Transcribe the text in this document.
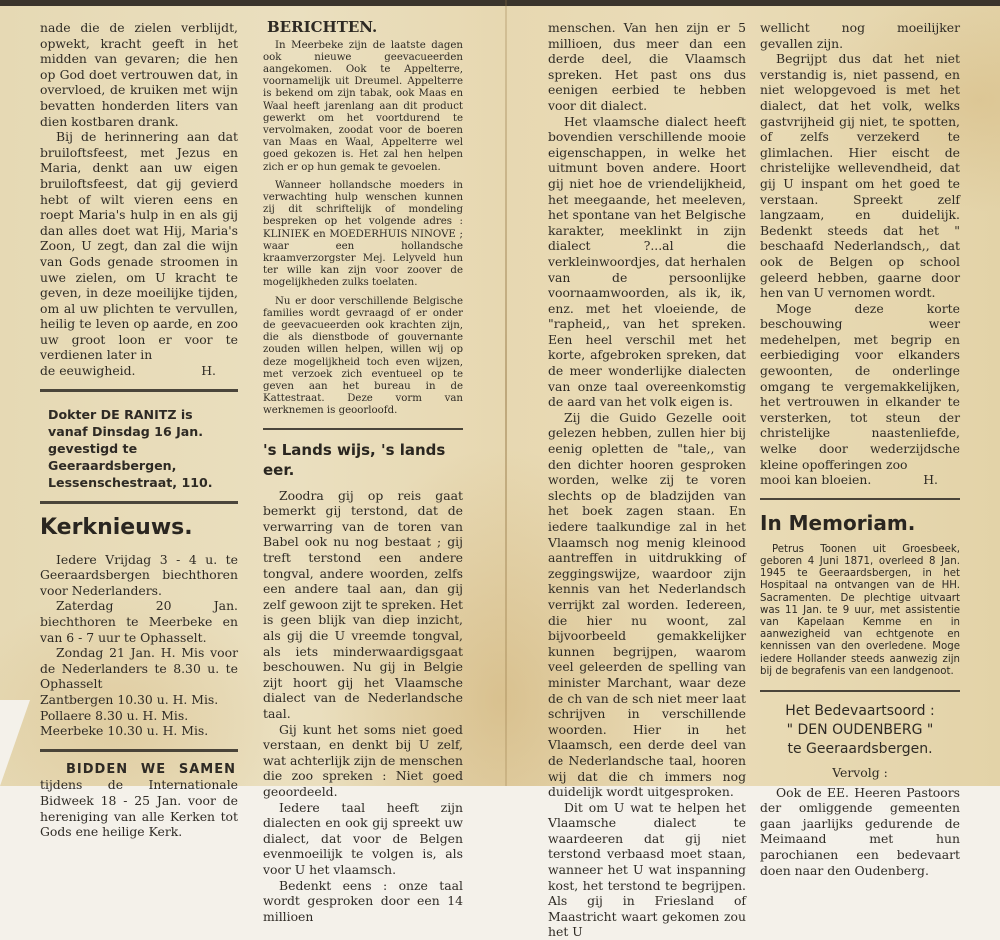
nade die de zielen verblijdt, opwekt, kracht geeft in het midden van gevaren; die hen op God doet vertrouwen dat, in overvloed, de kruiken met wijn bevatten honderden liters van dien kostbaren drank.

Bij de herinnering aan dat bruiloftsfeest, met Jezus en Maria, denkt aan uw eigen bruiloftsfeest, dat gij gevierd hebt of wilt vieren eens en roept Maria's hulp in en als gij dan alles doet wat Hij, Maria's Zoon, U zegt, dan zal die wijn van Gods genade stroomen in uwe zielen, om U kracht te geven, in deze moeilijke tijden, om al uw plichten te vervullen, heilig te leven op aarde, en zoo uw groot loon er voor te verdienen later in

de eeuwigheid.	H.
Dokter DE RANITZ is vanaf Dinsdag 16 Jan. gevestigd te Geeraardsbergen, Lessenschestraat, 110.
Kerknieuws.

Iedere Vrijdag 3 - 4 u. te Geeraardsbergen biechthoren voor Nederlanders.

Zaterdag 20 Jan. biechthoren te Meerbeke en van 6 - 7 uur te Ophasselt.

Zondag 21 Jan. H. Mis voor de Nederlanders te 8.30 u. te Ophasselt

Zantbergen 10.30 u. H. Mis.

Pollaere 8.30 u. H. Mis.

Meerbeke 10.30 u. H. Mis.

BIDDEN WE SAMEN

tijdens de Internationale Bidweek 18 - 25 Jan. voor de hereniging van alle Kerken tot Gods ene heilige Kerk.

BERICHTEN.

In Meerbeke zijn de laatste dagen ook nieuwe geevacueerden aangekomen. Ook te Appelterre, voornamelijk uit Dreumel. Appelterre is bekend om zijn tabak, ook Maas en Waal heeft jarenlang aan dit product gewerkt om het voortdurend te vervolmaken, zoodat voor de boeren van Maas en Waal, Appelterre wel goed gekozen is. Het zal hen helpen zich er op hun gemak te gevoelen.

Wanneer hollandsche moeders in verwachting hulp wenschen kunnen zij dit schriftelijk of mondeling bespreken op het volgende adres : KLINIEK en MOEDERHUIS NINOVE ; waar een hollandsche kraamverzorgster Mej. Lelyveld hun ter wille kan zijn voor zoover de mogelijkheden zulks toelaten.

Nu er door verschillende Belgische families wordt gevraagd of er onder de geevacueerden ook krachten zijn, die als dienstbode of gouvernante zouden willen helpen, willen wij op deze mogelijkheid toch even wijzen, met verzoek zich eventueel op te geven aan het bureau in de Kattestraat. Deze vorm van werknemen is geoorloofd.

's Lands wijs, 's lands eer.

Zoodra gij op reis gaat bemerkt gij terstond, dat de verwarring van de toren van Babel ook nu nog bestaat ; gij treft terstond een andere tongval, andere woorden, zelfs een andere taal aan, dan gij zelf gewoon zijt te spreken. Het is geen blijk van diep inzicht, als gij die U vreemde tongval, als iets minderwaardigsgaat beschouwen. Nu gij in Belgie zijt hoort gij het Vlaamsche dialect van de Nederlandsche taal.

Gij kunt het soms niet goed verstaan, en denkt bij U zelf, wat achterlijk zijn de menschen die zoo spreken : Niet goed geoordeeld.

Iedere taal heeft zijn dialecten en ook gij spreekt uw dialect, dat voor de Belgen evenmoeilijk te volgen is, als voor U het vlaamsch.

Bedenkt eens : onze taal wordt gesproken door een 14 millioen

menschen. Van hen zijn er 5 millioen, dus meer dan een derde deel, die Vlaamsch spreken. Het past ons dus eenigen eerbied te hebben voor dit dialect.

Het vlaamsche dialect heeft bovendien verschillende mooie eigenschappen, in welke het uitmunt boven andere. Hoort gij niet hoe de vriendelijkheid, het meegaande, het meeleven, het spontane van het Belgische karakter, meeklinkt in zijn dialect ?...al die verkleinwoordjes, dat herhalen van de persoonlijke voornaamwoorden, als ik, ik, enz. met het vloeiende, de "rapheid,, van het spreken. Een heel verschil met het korte, afgebroken spreken, dat de meer wonderlijke dialecten van onze taal overeenkomstig de aard van het volk eigen is.

Zij die Guido Gezelle ooit gelezen hebben, zullen hier bij eenig opletten de "tale,, van den dichter hooren gesproken worden, welke zij te voren slechts op de bladzijden van het boek zagen staan. En iedere taalkundige zal in het Vlaamsch nog menig kleinood aantreffen in uitdrukking of zeggingswijze, waardoor zijn kennis van het Nederlandsch verrijkt zal worden. Iedereen, die hier nu woont, zal bijvoorbeeld gemakkelijker kunnen begrijpen, waarom veel geleerden de spelling van minister Marchant, waar deze de ch van de sch niet meer laat schrijven in verschillende woorden. Hier in het Vlaamsch, een derde deel van de Nederlandsche taal, hooren wij dat die ch immers nog duidelijk wordt uitgesproken.

Dit om U wat te helpen het Vlaamsche dialect te waardeeren dat gij niet terstond verbaasd moet staan, wanneer het U wat inspanning kost, het terstond te begrijpen. Als gij in Friesland of Maastricht waart gekomen zou het U

wellicht nog moeilijker gevallen zijn.

Begrijpt dus dat het niet verstandig is, niet passend, en niet welopgevoed is met het dialect, dat het volk, welks gastvrijheid gij niet, te spotten, of zelfs verzekerd te glimlachen. Hier eischt de christelijke wellevendheid, dat gij U inspant om het goed te verstaan. Spreekt zelf langzaam, en duidelijk. Bedenkt steeds dat het " beschaafd Nederlandsch,, dat ook de Belgen op school geleerd hebben, gaarne door hen van U vernomen wordt.

Moge deze korte beschouwing weer medehelpen, met begrip en eerbiediging voor elkanders gewoonten, de onderlinge omgang te vergemakkelijken, het vertrouwen in elkander te versterken, tot steun der christelijke naastenliefde, welke door wederzijdsche kleine opofferingen zoo

mooi kan bloeien.	H.
In Memoriam.

Petrus Toonen uit Groesbeek, geboren 4 Juni 1871, overleed 8 Jan. 1945 te Geeraardsbergen, in het Hospitaal na ontvangen van de HH. Sacramenten. De plechtige uitvaart was 11 Jan. te 9 uur, met assistentie van Kapelaan Kemme en in aanwezigheid van echtgenote en kennissen van den overledene. Moge iedere Hollander steeds aanwezig zijn bij de begrafenis van een landgenoot.

Het Bedevaartsoord :
" DEN OUDENBERG "
te Geeraardsbergen.
Vervolg :

Ook de EE. Heeren Pastoors der omliggende gemeenten gaan jaarlijks gedurende de Meimaand met hun parochianen een bedevaart doen naar den Oudenberg.
